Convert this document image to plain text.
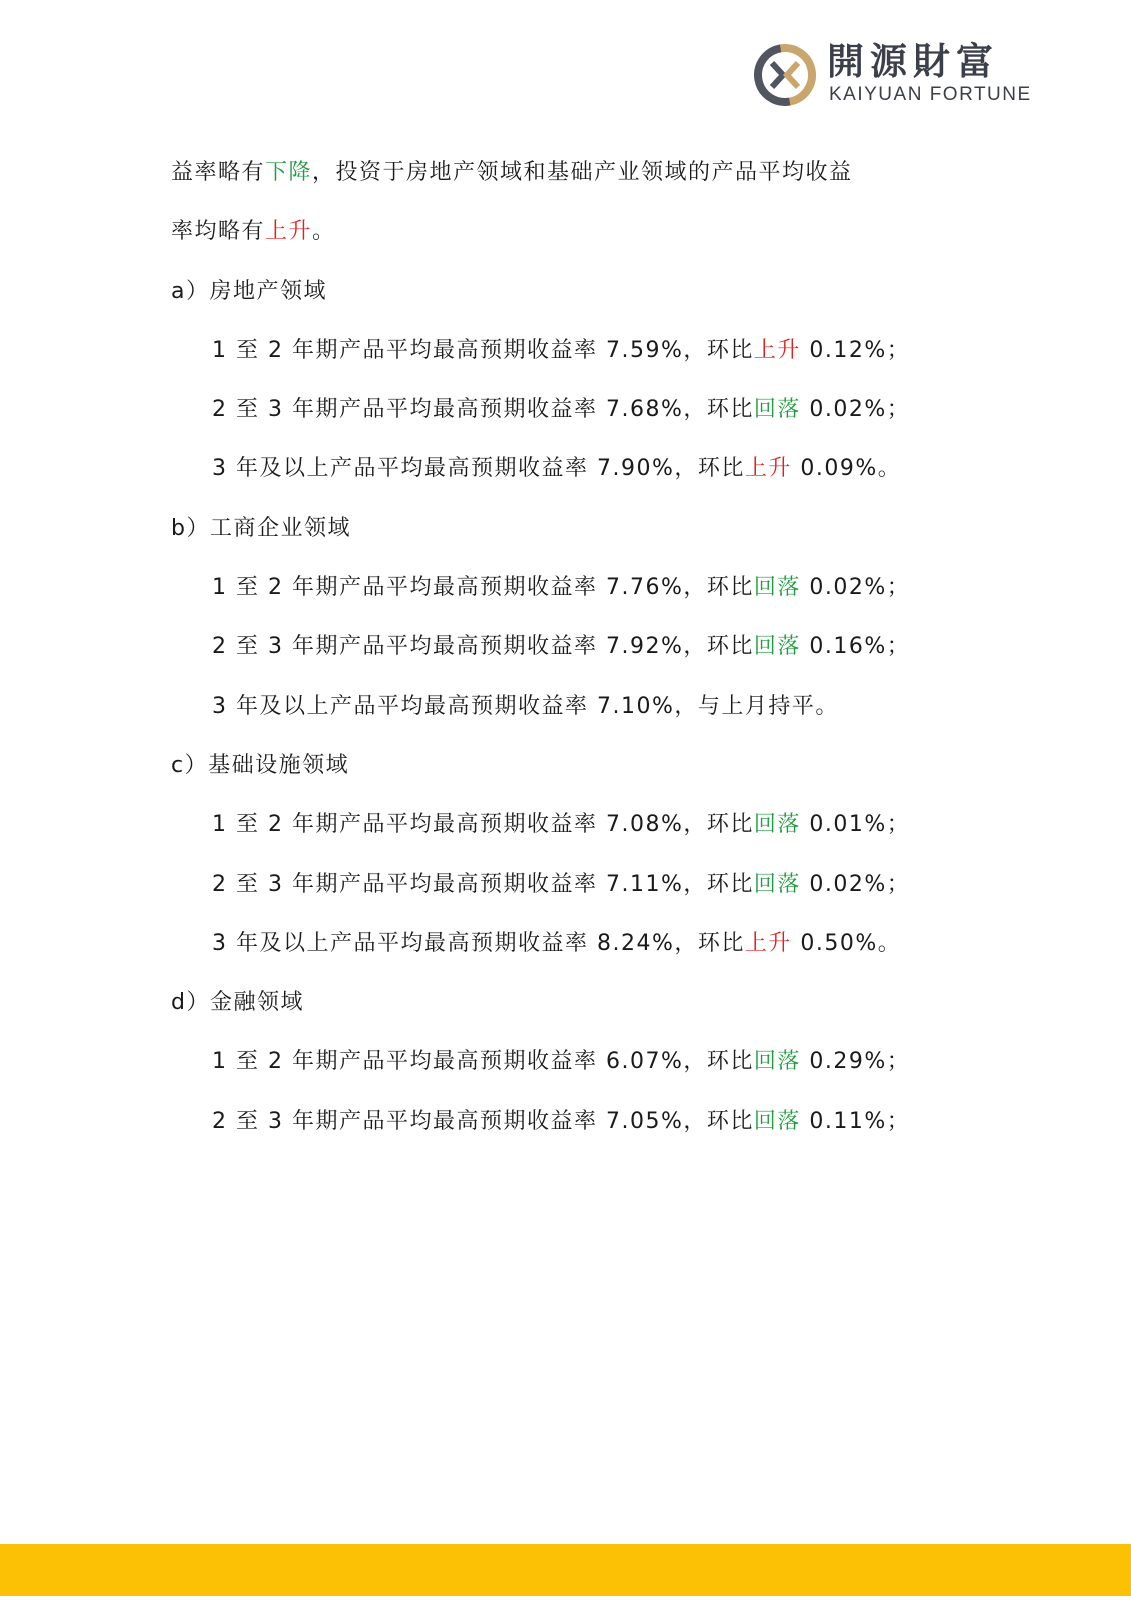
開源財富
KAIYUAN FORTUNE
益率略有下降，投资于房地产领域和基础产业领域的产品平均收益
率均略有上升。
a）房地产领域
1 至 2 年期产品平均最高预期收益率 7.59%，环比上升 0.12%；
2 至 3 年期产品平均最高预期收益率 7.68%，环比回落 0.02%；
3 年及以上产品平均最高预期收益率 7.90%，环比上升 0.09%。
b）工商企业领域
1 至 2 年期产品平均最高预期收益率 7.76%，环比回落 0.02%；
2 至 3 年期产品平均最高预期收益率 7.92%，环比回落 0.16%；
3 年及以上产品平均最高预期收益率 7.10%，与上月持平。
c）基础设施领域
1 至 2 年期产品平均最高预期收益率 7.08%，环比回落 0.01%；
2 至 3 年期产品平均最高预期收益率 7.11%，环比回落 0.02%；
3 年及以上产品平均最高预期收益率 8.24%，环比上升 0.50%。
d）金融领域
1 至 2 年期产品平均最高预期收益率 6.07%，环比回落 0.29%；
2 至 3 年期产品平均最高预期收益率 7.05%，环比回落 0.11%；
